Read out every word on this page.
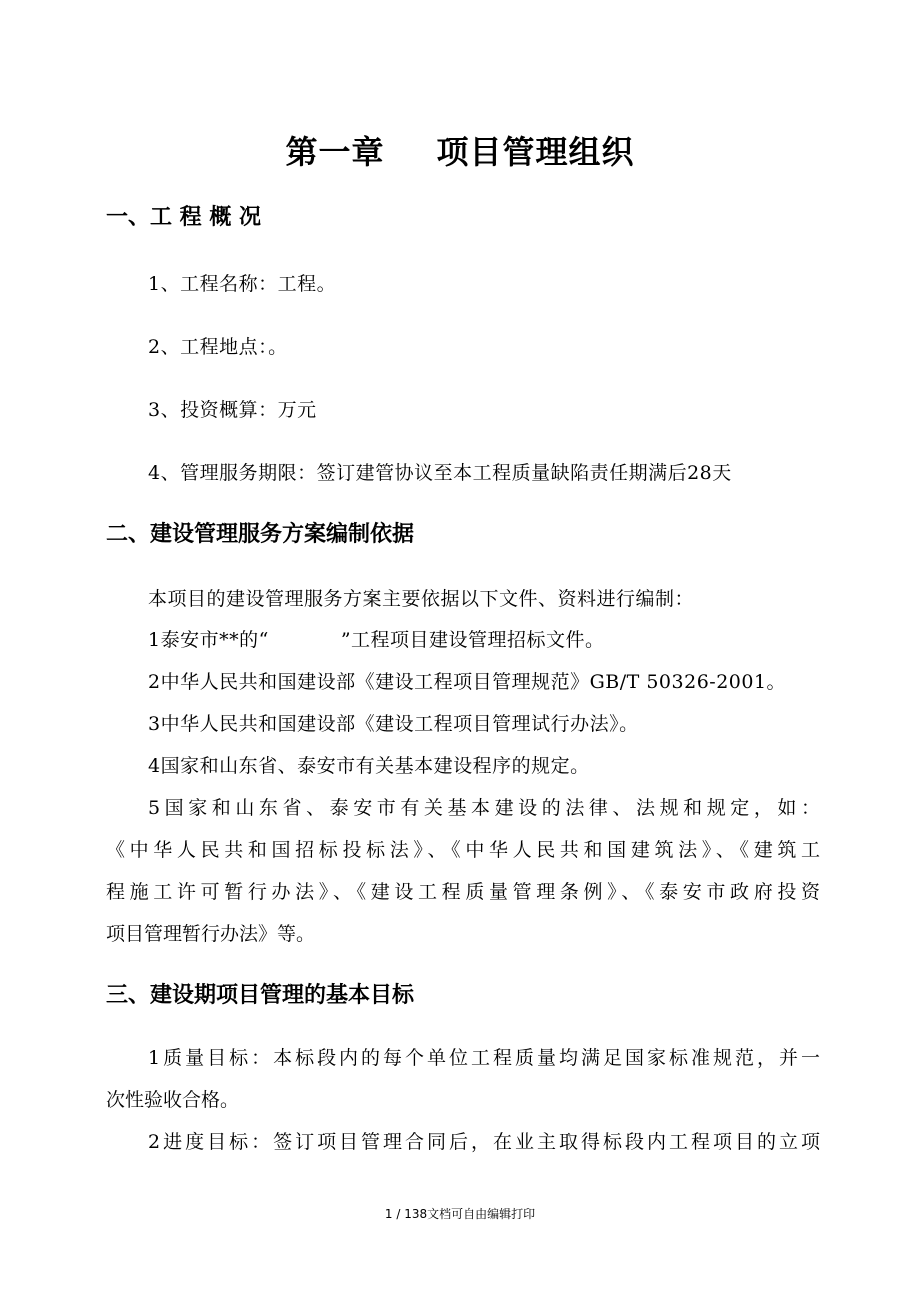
第一章 项目管理组织
一、工 程 概 况
1、工程名称：工程。
2、工程地点：。
3、投资概算：万元
4、管理服务期限：签订建管协议至本工程质量缺陷责任期满后28天
二、建设管理服务方案编制依据
本项目的建设管理服务方案主要依据以下文件、资料进行编制：
1泰安市**的“	”工程项目建设管理招标文件。
2中华人民共和国建设部《建设工程项目管理规范》GB/T 50326-2001。
3中华人民共和国建设部《建设工程项目管理试行办法》。
4国家和山东省、泰安市有关基本建设程序的规定。
5国家和山东省、泰安市有关基本建设的法律、法规和规定，如：
《中华人民共和国招标投标法》、《中华人民共和国建筑法》、《建筑工
程施工许可暂行办法》、《建设工程质量管理条例》、《泰安市政府投资
项目管理暂行办法》等。
三、建设期项目管理的基本目标
1质量目标：本标段内的每个单位工程质量均满足国家标准规范，并一
次性验收合格。
2进度目标：签订项目管理合同后，在业主取得标段内工程项目的立项
1 / 138文档可自由编辑打印
